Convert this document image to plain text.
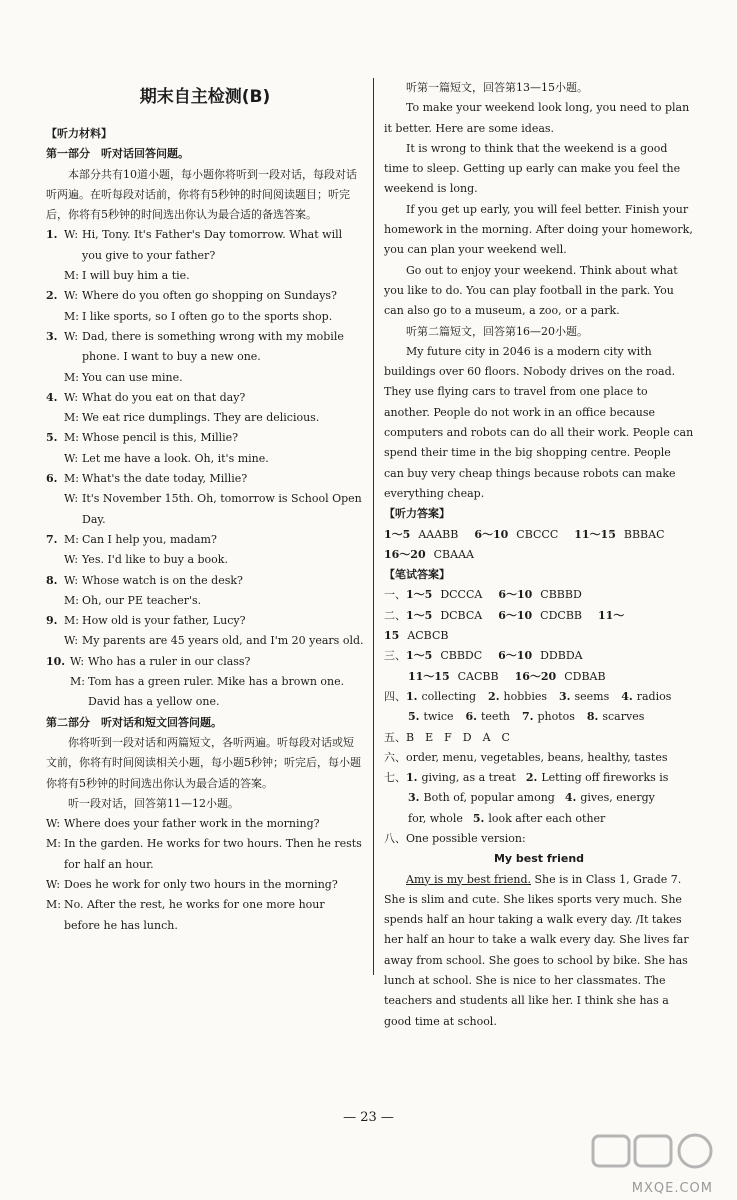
期末自主检测(B)

【听力材料】

第一部分　听对话回答问题。

本部分共有10道小题，每小题你将听到一段对话，每段对话听两遍。在听每段对话前，你将有5秒钟的时间阅读题目；听完后，你将有5秒钟的时间选出你认为最合适的备选答案。

1. W: Hi, Tony. It's Father's Day tomorrow. What will you give to your father?
M: I will buy him a tie.
2. W: Where do you often go shopping on Sundays?
M: I like sports, so I often go to the sports shop.
3. W: Dad, there is something wrong with my mobile phone. I want to buy a new one.
M: You can use mine.
4. W: What do you eat on that day?
M: We eat rice dumplings. They are delicious.
5. M: Whose pencil is this, Millie?
W: Let me have a look. Oh, it's mine.
6. M: What's the date today, Millie?
W: It's November 15th. Oh, tomorrow is School Open Day.
7. M: Can I help you, madam?
W: Yes. I'd like to buy a book.
8. W: Whose watch is on the desk?
M: Oh, our PE teacher's.
9. M: How old is your father, Lucy?
W: My parents are 45 years old, and I'm 20 years old.
10. W: Who has a ruler in our class?
M: Tom has a green ruler. Mike has a brown one. David has a yellow one.

第二部分　听对话和短文回答问题。

你将听到一段对话和两篇短文，各听两遍。听每段对话或短文前，你将有时间阅读相关小题，每小题5秒钟；听完后，每小题你将有5秒钟的时间选出你认为最合适的答案。

听一段对话，回答第11—12小题。

W: Where does your father work in the morning?
M: In the garden. He works for two hours. Then he rests for half an hour.
W: Does he work for only two hours in the morning?
M: No. After the rest, he works for one more hour before he has lunch.

听第一篇短文，回答第13—15小题。

To make your weekend look long, you need to plan it better. Here are some ideas.

It is wrong to think that the weekend is a good time to sleep. Getting up early can make you feel the weekend is long.

If you get up early, you will feel better. Finish your homework in the morning. After doing your homework, you can plan your weekend well.

Go out to enjoy your weekend. Think about what you like to do. You can play football in the park. You can also go to a museum, a zoo, or a park.

听第二篇短文，回答第16—20小题。

My future city in 2046 is a modern city with buildings over 60 floors. Nobody drives on the road. They use flying cars to travel from one place to another. People do not work in an office because computers and robots can do all their work. People can spend their time in the big shopping centre. People can buy very cheap things because robots can make everything cheap.

【听力答案】

1～5 AAABB 6～10 CBCCC 11～15 BBBAC
16～20 CBAAA

【笔试答案】

一、1～5 DCCCA 6～10 CBBBD
二、1～5 DCBCA 6～10 CDCBB 11～15 ACBCB
三、1～5 CBBDC 6～10 DDBDA
11～15 CACBB 16～20 CDBAB
四、 1. collecting 2. hobbies 3. seems 4. radios
5. twice 6. teeth 7. photos 8. scarves
五、 B　E　F　D　A　C
六、 order, menu, vegetables, beans, healthy, tastes
七、 1. giving, as a treat 2. Letting off fireworks is
3. Both of, popular among 4. gives, energy
for, whole 5. look after each other
八、 One possible version:

My best friend

Amy is my best friend. She is in Class 1, Grade 7. She is slim and cute. She likes sports very much. She spends half an hour taking a walk every day. /It takes her half an hour to take a walk every day. She lives far away from school. She goes to school by bike. She has lunch at school. She is nice to her classmates. The teachers and students all like her. I think she has a good time at school.

— 23 —
MXQE.COM
